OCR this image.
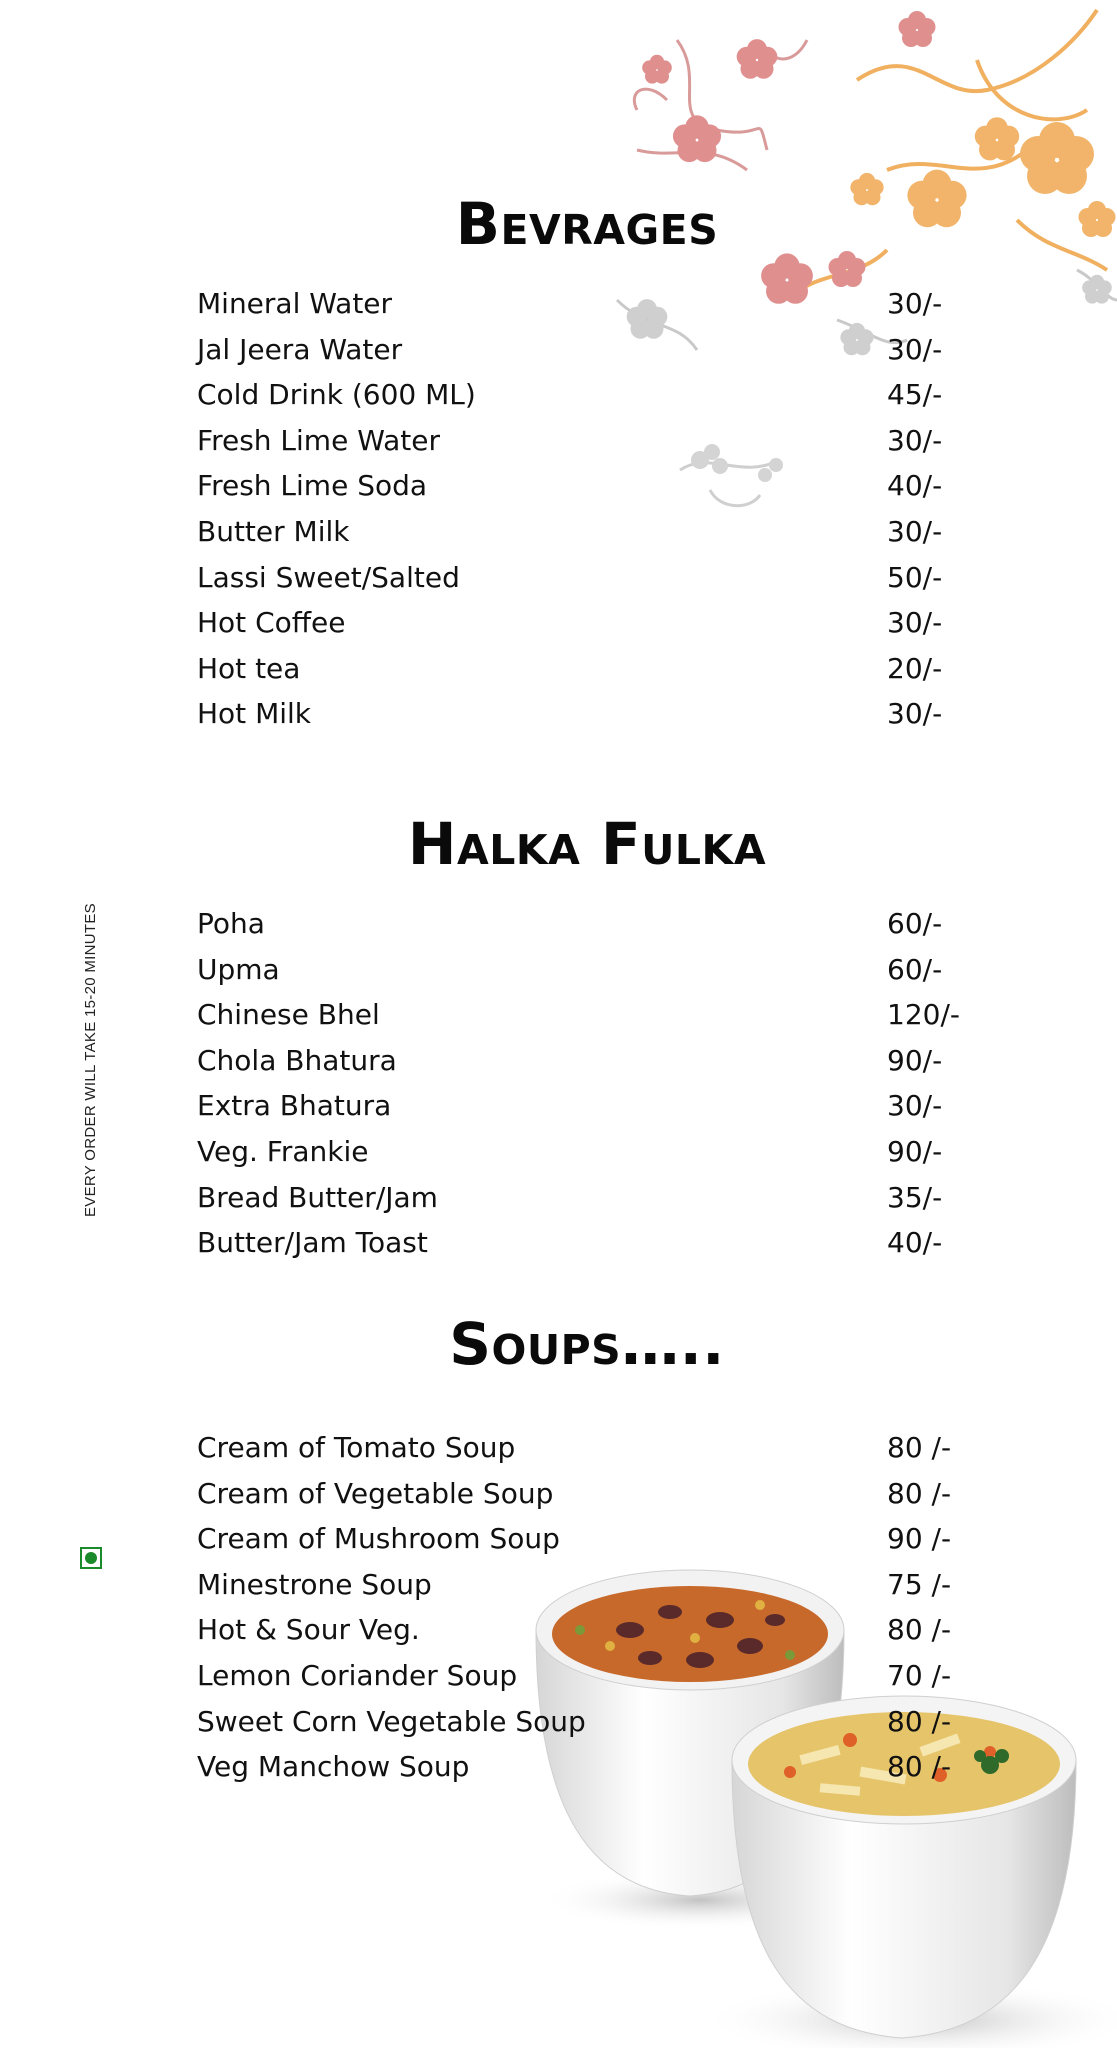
Bevrages
Mineral Water	30/-
Jal Jeera Water	30/-
Cold Drink (600 ML)	45/-
Fresh Lime Water	30/-
Fresh Lime Soda	40/-
Butter Milk	30/-
Lassi Sweet/Salted	50/-
Hot Coffee	30/-
Hot tea	20/-
Hot Milk	30/-
Halka Fulka
Poha	60/-
Upma	60/-
Chinese Bhel	120/-
Chola Bhatura	90/-
Extra Bhatura	30/-
Veg. Frankie	90/-
Bread Butter/Jam	35/-
Butter/Jam Toast	40/-
Soups…..
Cream of Tomato Soup	80 /-
Cream of Vegetable Soup	80 /-
Cream of Mushroom Soup	90 /-
Minestrone Soup	75 /-
Hot & Sour Veg.	80 /-
Lemon Coriander Soup	70 /-
Sweet Corn Vegetable Soup	80 /-
Veg Manchow Soup	80 /-
EVERY ORDER WILL TAKE 15-20 MINUTES
